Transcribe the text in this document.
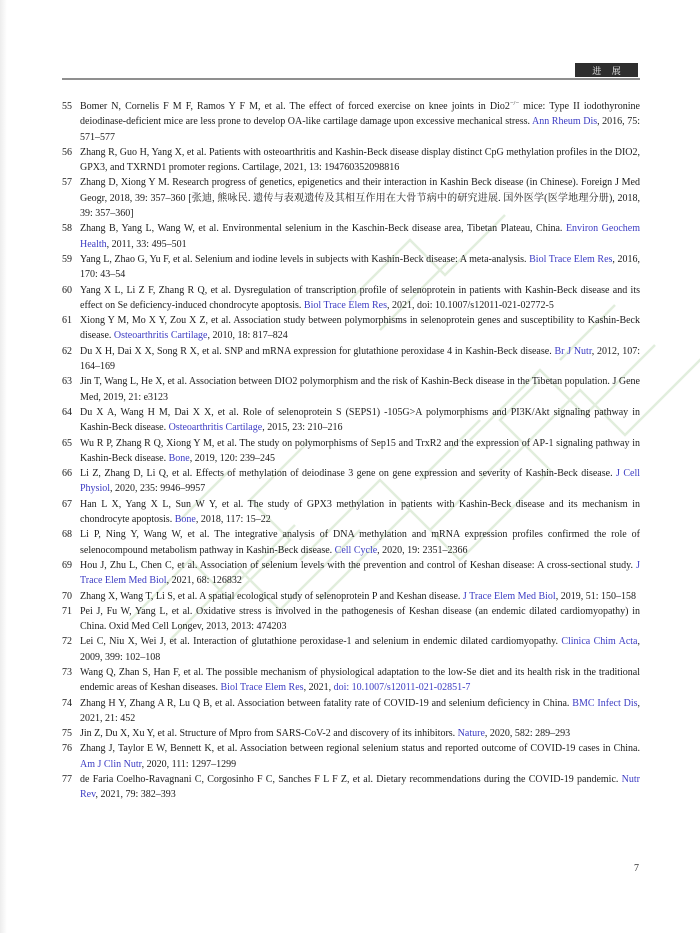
进 展
55 Bomer N, Cornelis F M F, Ramos Y F M, et al. The effect of forced exercise on knee joints in Dio2−/− mice: Type II iodothyronine deiodinase-deficient mice are less prone to develop OA-like cartilage damage upon excessive mechanical stress. Ann Rheum Dis, 2016, 75: 571–577
56 Zhang R, Guo H, Yang X, et al. Patients with osteoarthritis and Kashin-Beck disease display distinct CpG methylation profiles in the DIO2, GPX3, and TXRND1 promoter regions. Cartilage, 2021, 13: 194760352098816
57 Zhang D, Xiong Y M. Research progress of genetics, epigenetics and their interaction in Kashin Beck disease (in Chinese). Foreign J Med Geogr, 2018, 39: 357–360 [张迪, 熊咏民. 遗传与表观遗传及其相互作用在大骨节病中的研究进展. 国外医学(医学地理分册), 2018, 39: 357–360]
58 Zhang B, Yang L, Wang W, et al. Environmental selenium in the Kaschin-Beck disease area, Tibetan Plateau, China. Environ Geochem Health, 2011, 33: 495–501
59 Yang L, Zhao G, Yu F, et al. Selenium and iodine levels in subjects with Kashin-Beck disease: A meta-analysis. Biol Trace Elem Res, 2016, 170: 43–54
60 Yang X L, Li Z F, Zhang R Q, et al. Dysregulation of transcription profile of selenoprotein in patients with Kashin-Beck disease and its effect on Se deficiency-induced chondrocyte apoptosis. Biol Trace Elem Res, 2021, doi: 10.1007/s12011-021-02772-5
61 Xiong Y M, Mo X Y, Zou X Z, et al. Association study between polymorphisms in selenoprotein genes and susceptibility to Kashin-Beck disease. Osteoarthritis Cartilage, 2010, 18: 817–824
62 Du X H, Dai X X, Song R X, et al. SNP and mRNA expression for glutathione peroxidase 4 in Kashin-Beck disease. Br J Nutr, 2012, 107: 164–169
63 Jin T, Wang L, He X, et al. Association between DIO2 polymorphism and the risk of Kashin-Beck disease in the Tibetan population. J Gene Med, 2019, 21: e3123
64 Du X A, Wang H M, Dai X X, et al. Role of selenoprotein S (SEPS1) -105G>A polymorphisms and PI3K/Akt signaling pathway in Kashin-Beck disease. Osteoarthritis Cartilage, 2015, 23: 210–216
65 Wu R P, Zhang R Q, Xiong Y M, et al. The study on polymorphisms of Sep15 and TrxR2 and the expression of AP-1 signaling pathway in Kashin-Beck disease. Bone, 2019, 120: 239–245
66 Li Z, Zhang D, Li Q, et al. Effects of methylation of deiodinase 3 gene on gene expression and severity of Kashin-Beck disease. J Cell Physiol, 2020, 235: 9946–9957
67 Han L X, Yang X L, Sun W Y, et al. The study of GPX3 methylation in patients with Kashin-Beck disease and its mechanism in chondrocyte apoptosis. Bone, 2018, 117: 15–22
68 Li P, Ning Y, Wang W, et al. The integrative analysis of DNA methylation and mRNA expression profiles confirmed the role of selenocompound metabolism pathway in Kashin-Beck disease. Cell Cycle, 2020, 19: 2351–2366
69 Hou J, Zhu L, Chen C, et al. Association of selenium levels with the prevention and control of Keshan disease: A cross-sectional study. J Trace Elem Med Biol, 2021, 68: 126832
70 Zhang X, Wang T, Li S, et al. A spatial ecological study of selenoprotein P and Keshan disease. J Trace Elem Med Biol, 2019, 51: 150–158
71 Pei J, Fu W, Yang L, et al. Oxidative stress is involved in the pathogenesis of Keshan disease (an endemic dilated cardiomyopathy) in China. Oxid Med Cell Longev, 2013, 2013: 474203
72 Lei C, Niu X, Wei J, et al. Interaction of glutathione peroxidase-1 and selenium in endemic dilated cardiomyopathy. Clinica Chim Acta, 2009, 399: 102–108
73 Wang Q, Zhan S, Han F, et al. The possible mechanism of physiological adaptation to the low-Se diet and its health risk in the traditional endemic areas of Keshan diseases. Biol Trace Elem Res, 2021, doi: 10.1007/s12011-021-02851-7
74 Zhang H Y, Zhang A R, Lu Q B, et al. Association between fatality rate of COVID-19 and selenium deficiency in China. BMC Infect Dis, 2021, 21: 452
75 Jin Z, Du X, Xu Y, et al. Structure of Mpro from SARS-CoV-2 and discovery of its inhibitors. Nature, 2020, 582: 289–293
76 Zhang J, Taylor E W, Bennett K, et al. Association between regional selenium status and reported outcome of COVID-19 cases in China. Am J Clin Nutr, 2020, 111: 1297–1299
77 de Faria Coelho-Ravagnani C, Corgosinho F C, Sanches F L F Z, et al. Dietary recommendations during the COVID-19 pandemic. Nutr Rev, 2021, 79: 382–393
7
